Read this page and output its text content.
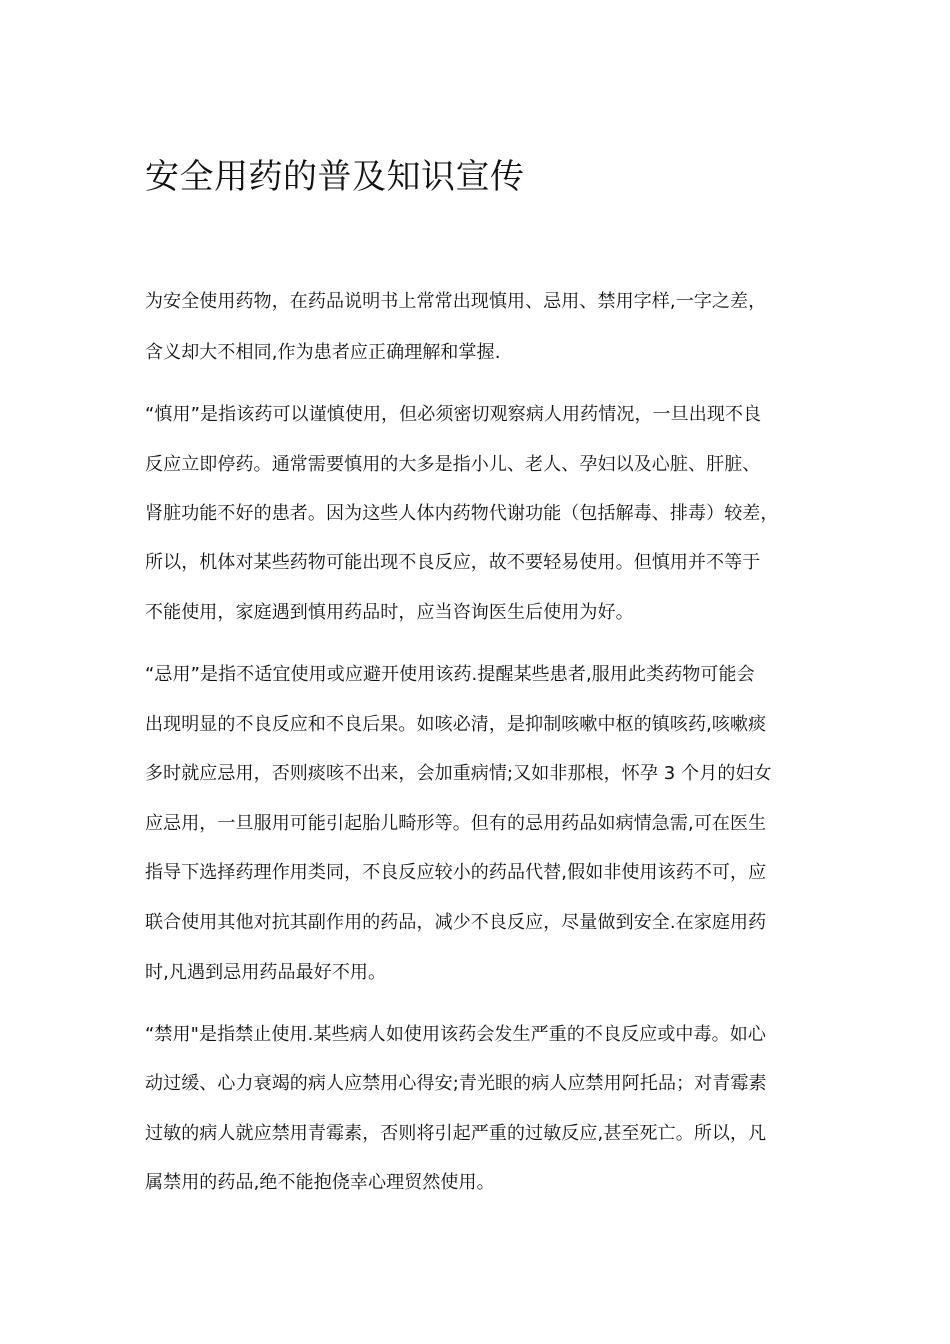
安全用药的普及知识宣传

为安全使用药物，在药品说明书上常常出现慎用、忌用、禁用字样,一字之差，

含义却大不相同,作为患者应正确理解和掌握.

“慎用”是指该药可以谨慎使用，但必须密切观察病人用药情况，一旦出现不良

反应立即停药。通常需要慎用的大多是指小儿、老人、孕妇以及心脏、肝脏、

肾脏功能不好的患者。因为这些人体内药物代谢功能（包括解毒、排毒）较差，

所以，机体对某些药物可能出现不良反应，故不要轻易使用。但慎用并不等于

不能使用，家庭遇到慎用药品时，应当咨询医生后使用为好。

“忌用”是指不适宜使用或应避开使用该药.提醒某些患者,服用此类药物可能会

出现明显的不良反应和不良后果。如咳必清，是抑制咳嗽中枢的镇咳药,咳嗽痰

多时就应忌用，否则痰咳不出来，会加重病情;又如非那根，怀孕 3 个月的妇女

应忌用，一旦服用可能引起胎儿畸形等。但有的忌用药品如病情急需,可在医生

指导下选择药理作用类同，不良反应较小的药品代替,假如非使用该药不可，应

联合使用其他对抗其副作用的药品，减少不良反应，尽量做到安全.在家庭用药

时,凡遇到忌用药品最好不用。

“禁用"是指禁止使用.某些病人如使用该药会发生严重的不良反应或中毒。如心

动过缓、心力衰竭的病人应禁用心得安;青光眼的病人应禁用阿托品；对青霉素

过敏的病人就应禁用青霉素，否则将引起严重的过敏反应,甚至死亡。所以，凡

属禁用的药品,绝不能抱侥幸心理贸然使用。
